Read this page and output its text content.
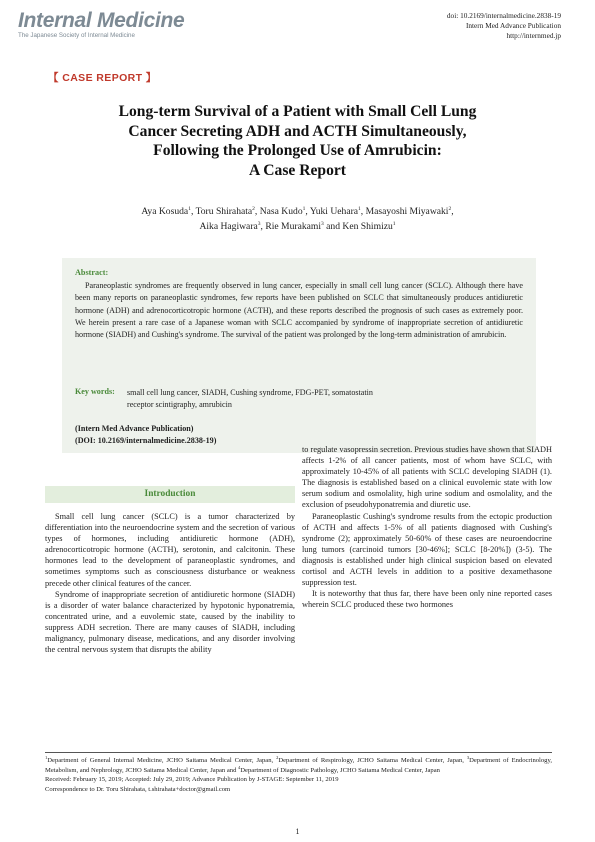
Internal Medicine
The Japanese Society of Internal Medicine
doi: 10.2169/internalmedicine.2838-19
Intern Med Advance Publication
http://internmed.jp
【 CASE REPORT 】
Long-term Survival of a Patient with Small Cell Lung
Cancer Secreting ADH and ACTH Simultaneously,
Following the Prolonged Use of Amrubicin:
A Case Report
Aya Kosuda$^1$, Toru Shirahata$^2$, Nasa Kudo$^1$, Yuki Uehara$^1$, Masayoshi Miyawaki$^2$,
Aika Hagiwara$^3$, Rie Murakami$^3$ and Ken Shimizu$^1$
Abstract:
Paraneoplastic syndromes are frequently observed in lung cancer, especially in small cell lung cancer (SCLC). Although there have been many reports on paraneoplastic syndromes, few reports have been published on SCLC that simultaneously produces antidiuretic hormone (ADH) and adrenocorticotropic hormone (ACTH), and these reports described the prognosis of such cases as extremely poor. We herein present a rare case of a Japanese woman with SCLC accompanied by syndrome of inappropriate secretion of antidiuretic hormone (SIADH) and Cushing's syndrome. The survival of the patient was prolonged by the long-term administration of amrubicin.
Key words: small cell lung cancer, SIADH, Cushing syndrome, FDG-PET, somatostatin receptor scintigraphy, amrubicin
(Intern Med Advance Publication)
(DOI: 10.2169/internalmedicine.2838-19)
Introduction

Small cell lung cancer (SCLC) is a tumor characterized by differentiation into the neuroendocrine system and the secretion of various types of hormones, including antidiuretic hormone (ADH), adrenocorticotropic hormone (ACTH), serotonin, and calcitonin. These hormones lead to the development of paraneoplastic syndromes, and sometimes symptoms such as consciousness disturbance or weakness precede other clinical features of the cancer.

Syndrome of inappropriate secretion of antidiuretic hormone (SIADH) is a disorder of water balance characterized by hypotonic hyponatremia, concentrated urine, and a euvolemic state, caused by the inability to suppress ADH secretion. There are many causes of SIADH, including malignancy, pulmonary disease, medications, and any disorder involving the central nervous system that disrupts the ability

to regulate vasopressin secretion. Previous studies have shown that SIADH affects 1-2% of all cancer patients, most of whom have SCLC, with approximately 10-45% of all patients with SCLC developing SIADH (1). The diagnosis is established based on a clinical euvolemic state with low serum sodium and osmolality, high urine sodium and osmolality, and the exclusion of pseudohyponatremia and diuretic use.

Paraneoplastic Cushing's syndrome results from the ectopic production of ACTH and affects 1-5% of all patients diagnosed with Cushing's syndrome (2); approximately 50-60% of these cases are neuroendocrine lung tumors (carcinoid tumors [30-46%]; SCLC [8-20%]) (3-5). The diagnosis is established under high clinical suspicion based on elevated cortisol and ACTH levels in addition to a positive dexamethasone suppression test.

It is noteworthy that thus far, there have been only nine reported cases wherein SCLC produced these two hormones

$^1$Department of General Internal Medicine, JCHO Saitama Medical Center, Japan, $^2$Department of Respirology, JCHO Saitama Medical Center, Japan, $^3$Department of Endocrinology, Metabolism, and Nephrology, JCHO Saitama Medical Center, Japan and $^4$Department of Diagnostic Pathology, JCHO Saitama Medical Center, Japan
Received: February 15, 2019; Accepted: July 29, 2019; Advance Publication by J-STAGE: September 11, 2019
Correspondence to Dr. Toru Shirahata, t.shirahata+doctor@gmail.com
1
